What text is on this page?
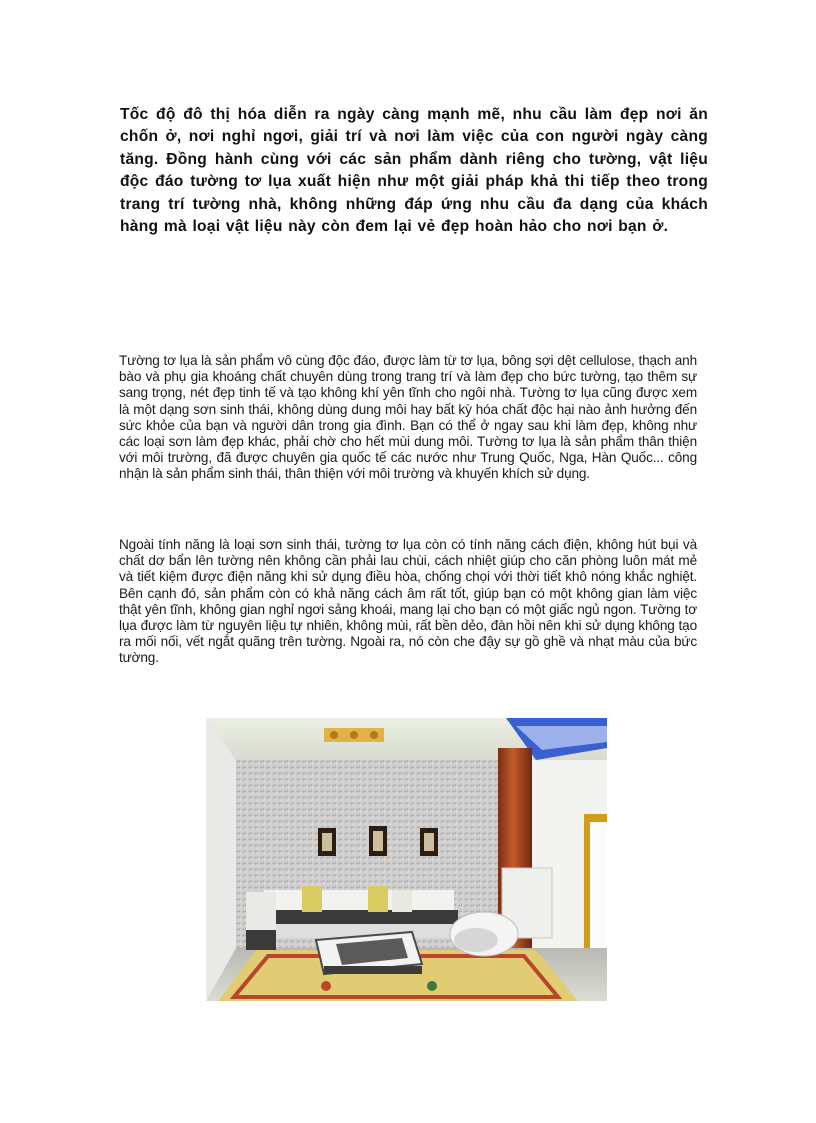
Tốc độ đô thị hóa diễn ra ngày càng mạnh mẽ, nhu cầu làm đẹp nơi ăn chốn ở, nơi nghỉ ngơi, giải trí và nơi làm việc của con người ngày càng tăng. Đồng hành cùng với các sản phẩm dành riêng cho tường, vật liệu độc đáo tường tơ lụa xuất hiện như một giải pháp khả thi tiếp theo trong trang trí tường nhà, không những đáp ứng nhu cầu đa dạng của khách hàng mà loại vật liệu này còn đem lại vẻ đẹp hoàn hảo cho nơi bạn ở.

Tường tơ lụa là sản phẩm vô cùng độc đáo, được làm từ tơ lụa, bông sợi dệt cellulose, thạch anh bào và phụ gia khoáng chất chuyên dùng trong trang trí và làm đẹp cho bức tường, tạo thêm sự sang trọng, nét đẹp tinh tế và tạo không khí yên tĩnh cho ngôi nhà. Tường tơ lụa cũng được xem là một dạng sơn sinh thái, không dùng dung môi hay bất kỳ hóa chất độc hại nào ảnh hưởng đến sức khỏe của bạn và người dân trong gia đình. Bạn có thể ở ngay sau khi làm đẹp, không như các loại sơn làm đẹp khác, phải chờ cho hết mùi dung môi. Tường tơ lụa là sản phẩm thân thiện với môi trường, đã được chuyên gia quốc tế các nước như Trung Quốc, Nga, Hàn Quốc... công nhận là sản phẩm sinh thái, thân thiện với môi trường và khuyến khích sử dụng.

Ngoài tính năng là loại sơn sinh thái, tường tơ lụa còn có tính năng cách điện, không hút bụi và chất dơ bẩn lên tường nên không cần phải lau chùi, cách nhiệt giúp cho căn phòng luôn mát mẻ và tiết kiệm được điện năng khi sử dụng điều hòa, chống chọi với thời tiết khô nóng khắc nghiệt. Bên cạnh đó, sản phẩm còn có khả năng cách âm rất tốt, giúp bạn có một không gian làm việc thật yên tĩnh, không gian nghỉ ngơi sảng khoái, mang lại cho bạn có một giấc ngủ ngon. Tường tơ lụa được làm từ nguyên liệu tự nhiên, không mùi, rất bền dẻo, đàn hồi nên khi sử dụng không tạo ra mối nối, vết ngắt quãng trên tường. Ngoài ra, nó còn che đậy sự gồ ghề và nhạt màu của bức tường.
